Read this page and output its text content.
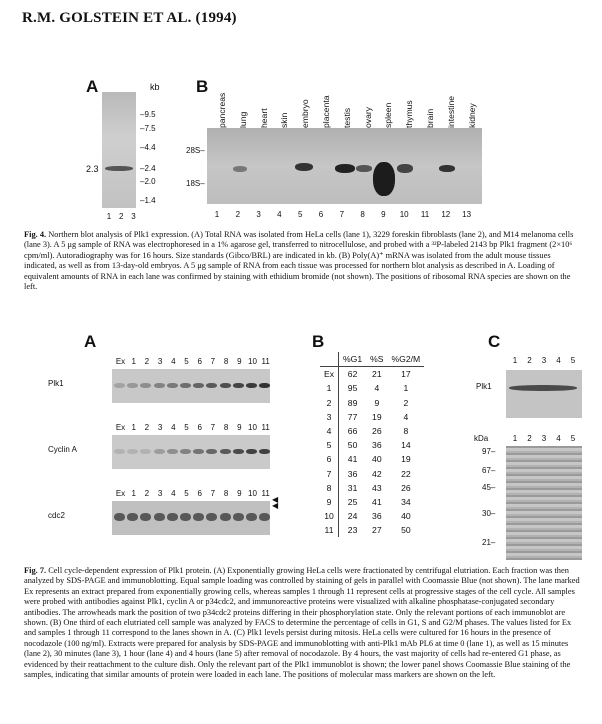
R.M. GOLSTEIN ET AL. (1994)
A
2.3
kb
–9.5
–7.5
–4.4
–2.4
–2.0
–1.4
1 2 3
B
pancreas lung heart skin embryo placenta testis ovary spleen thymus brain intestine kidney
28S–
18S–
1	2	3	4	5	6	7	8	9	10	11	12	13
Fig. 4. Northern blot analysis of Plk1 expression. (A) Total RNA was isolated from HeLa cells (lane 1), 3229 foreskin fibroblasts (lane 2), and M14 melanoma cells (lane 3). A 5 μg sample of RNA was electrophoresed in a 1% agarose gel, transferred to nitrocellulose, and probed with a ³²P-labeled 2143 bp Plk1 fragment (2×10⁶ cpm/ml). Autoradiography was for 16 hours. Size standards (Gibco/BRL) are indicated in kb. (B) Poly(A)⁺ mRNA was isolated from the adult mouse tissues indicated, as well as from 13-day-old embryos. A 5 μg sample of RNA from each tissue was processed for northern blot analysis as described in A. Loading of equivalent amounts of RNA in each lane was confirmed by staining with ethidium bromide (not shown). The positions of ribosomal RNA species are shown on the left.
A
Ex 1	2	3	4	5	6	7	8	9 10 11
Plk1
Ex 1	2	3	4	5	6	7	8	9 10 11
Cyclin A
Ex 1	2	3	4	5	6	7	8	9 10 11
cdc2
◀
◀
B
	%G1	%S	%G2/M
Ex	62	21	17
1	95	4	1
2	89	9	2
3	77	19	4
4	66	26	8
5	50	36	14
6	41	40	19
7	36	42	22
8	31	43	26
9	25	41	34
10	24	36	40
11	23	27	50
C
1	2	3	4	5
Plk1
kDa	1	2	3	4	5
97–
67–
45–
30–
21–
Fig. 7. Cell cycle-dependent expression of Plk1 protein. (A) Exponentially growing HeLa cells were fractionated by centrifugal elutriation. Each fraction was then analyzed by SDS-PAGE and immunoblotting. Equal sample loading was controlled by staining of gels in parallel with Coomassie Blue (not shown). The lane marked Ex represents an extract prepared from exponentially growing cells, whereas samples 1 through 11 represent cells at progressive stages of the cell cycle. All samples were probed with antibodies against Plk1, cyclin A or p34cdc2, and immunoreactive proteins were visualized with alkaline phosphatase-conjugated secondary antibodies. The arrowheads mark the position of two p34cdc2 proteins differing in their phosphorylation state. Only the relevant portions of each immunoblot are shown. (B) One third of each elutriated cell sample was analyzed by FACS to determine the percentage of cells in G1, S and G2/M phases. The values listed for Ex and samples 1 through 11 correspond to the lanes shown in A. (C) Plk1 levels persist during mitosis. HeLa cells were cultured for 16 hours in the presence of nocodazole (100 ng/ml). Extracts were prepared for analysis by SDS-PAGE and immunoblotting with anti-Plk1 mAb PL6 at time 0 (lane 1), as well as 15 minutes (lane 2), 30 minutes (lane 3), 1 hour (lane 4) and 4 hours (lane 5) after removal of nocodazole. By 4 hours, the vast majority of cells had re-entered G1 phase, as evidenced by their reattachment to the culture dish. Only the relevant part of the Plk1 immunoblot is shown; the lower panel shows Coomassie Blue staining of the samples, indicating that similar amounts of protein were loaded in each lane. The positions of molecular mass markers are shown on the left.
